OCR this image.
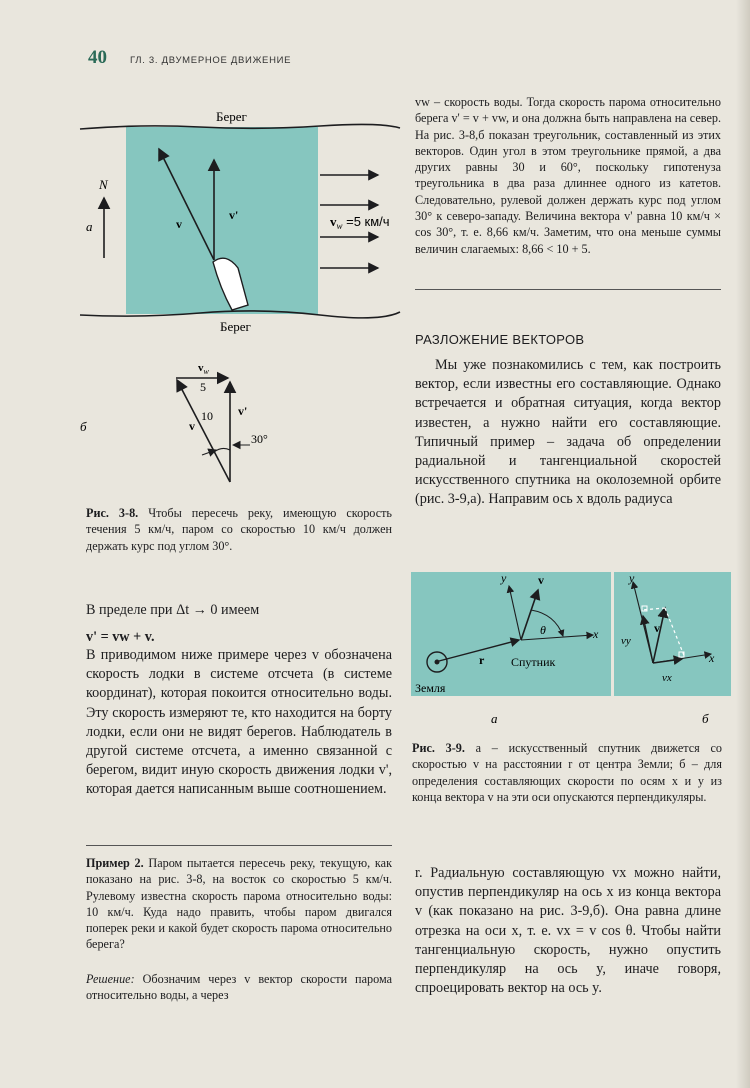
40 ГЛ. 3. ДВУМЕРНОЕ ДВИЖЕНИЕ
Берег
Берег
N
a	v
v'	$v_w =5$ км/ч
б
$v_w$
5
10
v
v'
30°
Рис. 3-8. Чтобы пересечь реку, имеющую скорость течения 5 км/ч, паром со скоростью 10 км/ч должен держать курс под углом 30°.
В пределе при Δt → 0 имеем
v' = vw + v.
В приводимом ниже примере через v обозначена скорость лодки в системе отсчета (в системе координат), которая покоится относительно воды. Эту скорость измеряют те, кто находится на борту лодки, если они не видят берегов. Наблюдатель в другой системе отсчета, а именно связанной с берегом, видит иную скорость движения лодки v', которая дается написанным выше соотношением.
Пример 2. Паром пытается пересечь реку, текущую, как показано на рис. 3-8, на восток со скоростью 5 км/ч. Рулевому известна скорость парома относительно воды: 10 км/ч. Куда надо править, чтобы паром двигался поперек реки и какой будет скорость парома относительно берега?
Решение: Обозначим через v вектор скорости парома относительно воды, а через
vw – скорость воды. Тогда скорость парома относительно берега v' = v + vw, и она должна быть направлена на север. На рис. 3-8,б показан треугольник, составленный из этих векторов. Один угол в этом треугольнике прямой, а два других равны 30 и 60°, поскольку гипотенуза треугольника в два раза длиннее одного из катетов. Следовательно, рулевой должен держать курс под углом 30° к северо-западу. Величина вектора v' равна 10 км/ч × cos 30°, т. е. 8,66 км/ч. Заметим, что она меньше суммы величин слагаемых: 8,66 < 10 + 5.
РАЗЛОЖЕНИЕ ВЕКТОРОВ
Мы уже познакомились с тем, как построить вектор, если известны его составляющие. Однако встречается и обратная ситуация, когда вектор известен, а нужно найти его составляющие. Типичный пример – задача об определении радиальной и тангенциальной скоростей искусственного спутника на околоземной орбите (рис. 3-9,а). Направим ось x вдоль радиуса
y	v
x
θ
r Спутник
Земля
y
vy
v
x
vx
а	б
Рис. 3-9. а – искусственный спутник движется со скоростью v на расстоянии r от центра Земли; б – для определения составляющих скорости по осям x и y из конца вектора v на эти оси опускаются перпендикуляры.
r. Радиальную составляющую vx можно найти, опустив перпендикуляр на ось x из конца вектора v (как показано на рис. 3-9,б). Она равна длине отрезка на оси x, т. е. vx = v cos θ. Чтобы найти тангенциальную скорость, нужно опустить перпендикуляр на ось y, иначе говоря, спроецировать вектор на ось y.
